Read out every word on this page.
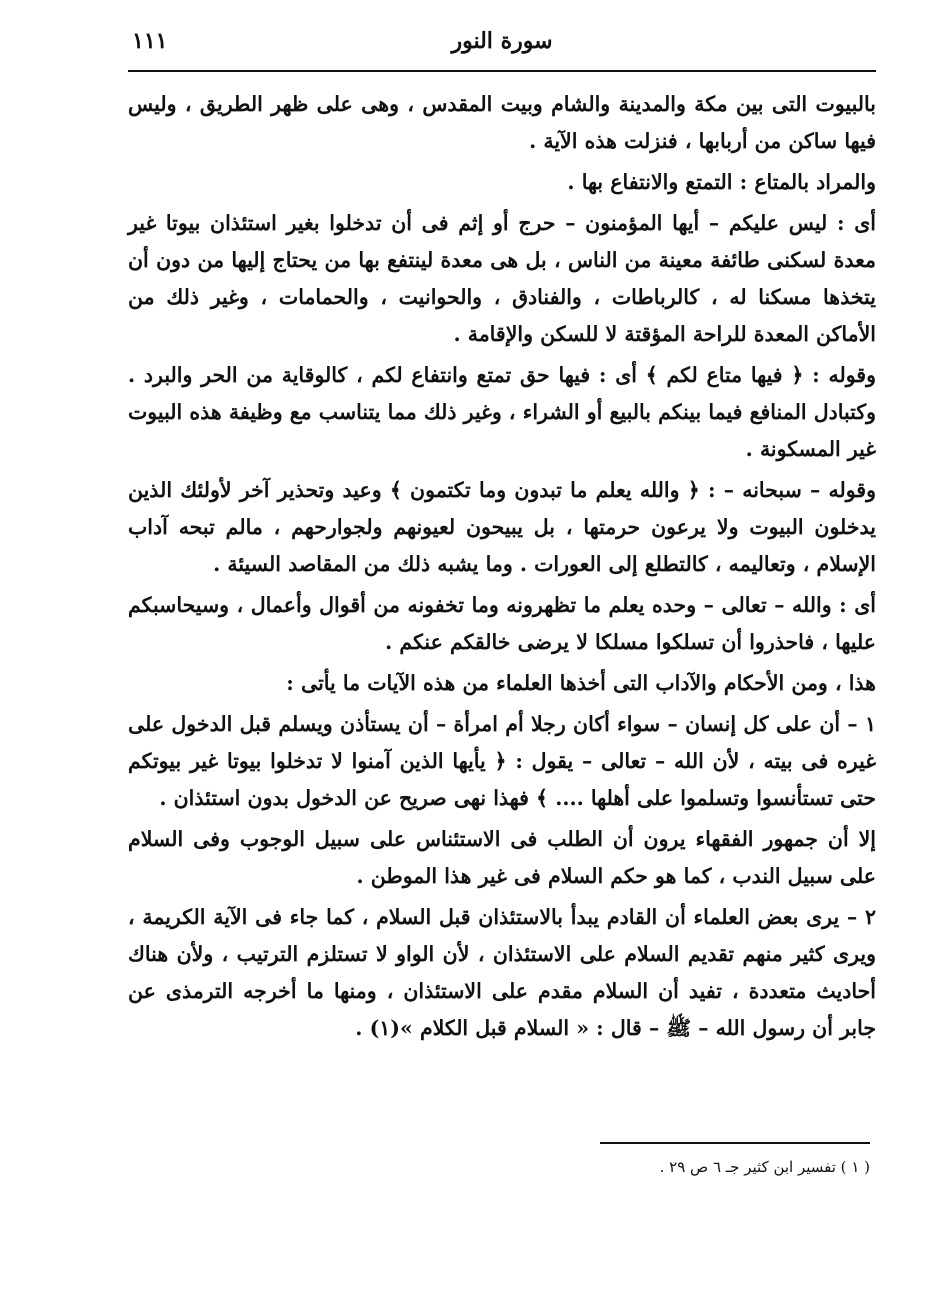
سورة النور
١١١

بالبيوت التى بين مكة والمدينة والشام وبيت المقدس ، وهى على ظهر الطريق ، وليس فيها ساكن من أربابها ، فنزلت هذه الآية .

والمراد بالمتاع : التمتع والانتفاع بها .

أى : ليس عليكم – أيها المؤمنون – حرج أو إثم فى أن تدخلوا بغير استئذان بيوتا غير معدة لسكنى طائفة معينة من الناس ، بل هى معدة لينتفع بها من يحتاج إليها من دون أن يتخذها مسكنا له ، كالرباطات ، والفنادق ، والحوانيت ، والحمامات ، وغير ذلك من الأماكن المعدة للراحة المؤقتة لا للسكن والإقامة .

وقوله : ﴿ فيها متاع لكم ﴾ أى : فيها حق تمتع وانتفاع لكم ، كالوقاية من الحر والبرد . وكتبادل المنافع فيما بينكم بالبيع أو الشراء ، وغير ذلك مما يتناسب مع وظيفة هذه البيوت غير المسكونة .

وقوله – سبحانه – : ﴿ والله يعلم ما تبدون وما تكتمون ﴾ وعيد وتحذير آخر لأولئك الذين يدخلون البيوت ولا يرعون حرمتها ، بل يبيحون لعيونهم ولجوارحهم ، مالم تبحه آداب الإسلام ، وتعاليمه ، كالتطلع إلى العورات . وما يشبه ذلك من المقاصد السيئة .

أى : والله – تعالى – وحده يعلم ما تظهرونه وما تخفونه من أقوال وأعمال ، وسيحاسبكم عليها ، فاحذروا أن تسلكوا مسلكا لا يرضى خالقكم عنكم .

هذا ، ومن الأحكام والآداب التى أخذها العلماء من هذه الآيات ما يأتى :

١ – أن على كل إنسان – سواء أكان رجلا أم امرأة – أن يستأذن ويسلم قبل الدخول على غيره فى بيته ، لأن الله – تعالى – يقول : ﴿ يأيها الذين آمنوا لا تدخلوا بيوتا غير بيوتكم حتى تستأنسوا وتسلموا على أهلها .... ﴾ فهذا نهى صريح عن الدخول بدون استئذان .

إلا أن جمهور الفقهاء يرون أن الطلب فى الاستئناس على سبيل الوجوب وفى السلام على سبيل الندب ، كما هو حكم السلام فى غير هذا الموطن .

٢ – يرى بعض العلماء أن القادم يبدأ بالاستئذان قبل السلام ، كما جاء فى الآية الكريمة ، ويرى كثير منهم تقديم السلام على الاستئذان ، لأن الواو لا تستلزم الترتيب ، ولأن هناك أحاديث متعددة ، تفيد أن السلام مقدم على الاستئذان ، ومنها ما أخرجه الترمذى عن جابر أن رسول الله – ﷺ – قال : « السلام قبل الكلام »(١) .

( ١ ) تفسير ابن كثير جـ ٦ ص ٢٩ .
